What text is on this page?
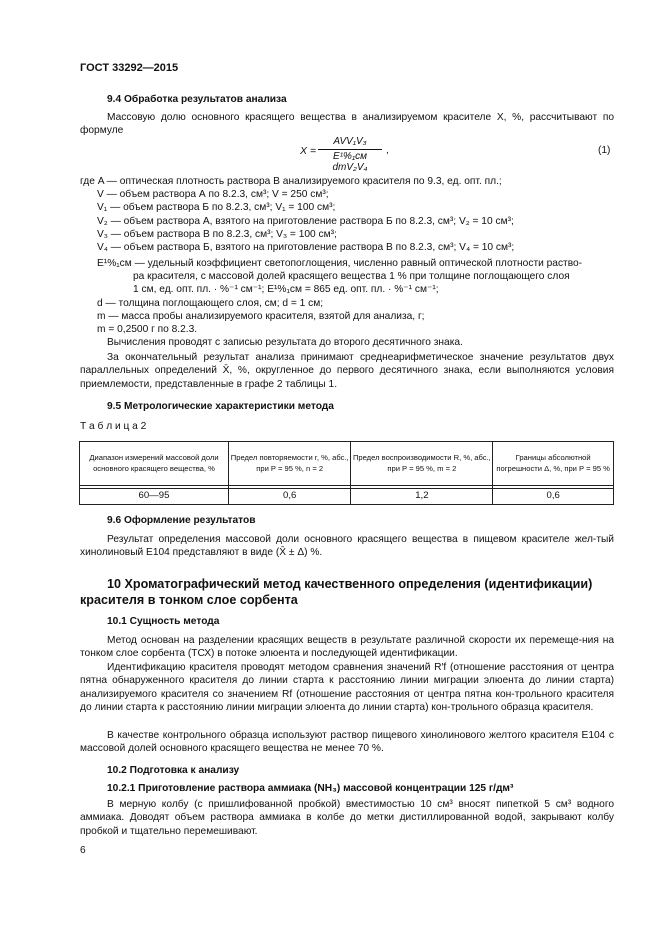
ГОСТ 33292—2015
9.4 Обработка результатов анализа
Массовую долю основного красящего вещества в анализируемом красителе X, %, рассчитывают по формуле
X =
AVV₁V₃
E¹%₁см dmV₂V₄
,	(1)
где A — оптическая плотность раствора В анализируемого красителя по 9.3, ед. опт. пл.;
V — объем раствора А по 8.2.3, см³; V = 250 см³;
V₁ — объем раствора Б по 8.2.3, см³; V₁ = 100 см³;
V₂ — объем раствора А, взятого на приготовление раствора Б по 8.2.3, см³; V₂ = 10 см³;
V₃ — объем раствора В по 8.2.3, см³; V₃ = 100 см³;
V₄ — объем раствора Б, взятого на приготовление раствора В по 8.2.3, см³; V₄ = 10 см³;
E¹%₁см — удельный коэффициент светопоглощения, численно равный оптической плотности раство-
ра красителя, с массовой долей красящего вещества 1 % при толщине поглощающего слоя
1 см, ед. опт. пл. · %⁻¹ см⁻¹; E¹%₁см = 865 ед. опт. пл. · %⁻¹ см⁻¹;
d — толщина поглощающего слоя, см; d = 1 см;
m — масса пробы анализируемого красителя, взятой для анализа, г;
m = 0,2500 г по 8.2.3.
Вычисления проводят с записью результата до второго десятичного знака.
За окончательный результат анализа принимают среднеарифметическое значение результатов двух параллельных определений X̄, %, округленное до первого десятичного знака, если выполняются условия приемлемости, представленные в графе 2 таблицы 1.
9.5 Метрологические характеристики метода
Т а б л и ц а 2
Диапазон измерений массовой доли основного красящего вещества, %	Предел повторяемости r, %, абс., при P = 95 %, n = 2	Предел воспроизводимости R, %, абс., при P = 95 %, m = 2	Границы абсолютной погрешности Δ, %, при P = 95 %

60—95	0,6	1,2	0,6
9.6 Оформление результатов
Результат определения массовой доли основного красящего вещества в пищевом красителе жел-тый хинолиновый Е104 представляют в виде (X̄ ± Δ) %.
10 Хроматографический метод качественного определения (идентификации)
красителя в тонком слое сорбента
10.1 Сущность метода
Метод основан на разделении красящих веществ в результате различной скорости их перемеще-ния на тонком слое сорбента (ТСХ) в потоке элюента и последующей идентификации.
Идентификацию красителя проводят методом сравнения значений R′f (отношение расстояния от центра пятна обнаруженного красителя до линии старта к расстоянию линии миграции элюента до линии старта) анализируемого красителя со значением Rf (отношение расстояния от центра пятна кон-трольного красителя до линии старта к расстоянию линии миграции элюента до линии старта) кон-трольного образца красителя.
В качестве контрольного образца используют раствор пищевого хинолинового желтого красителя Е104 с массовой долей основного красящего вещества не менее 70 %.
10.2 Подготовка к анализу
10.2.1 Приготовление раствора аммиака (NH₃) массовой концентрации 125 г/дм³
В мерную колбу (с пришлифованной пробкой) вместимостью 10 см³ вносят пипеткой 5 см³ водного аммиака. Доводят объем раствора аммиака в колбе до метки дистиллированной водой, закрывают колбу пробкой и тщательно перемешивают.
6
